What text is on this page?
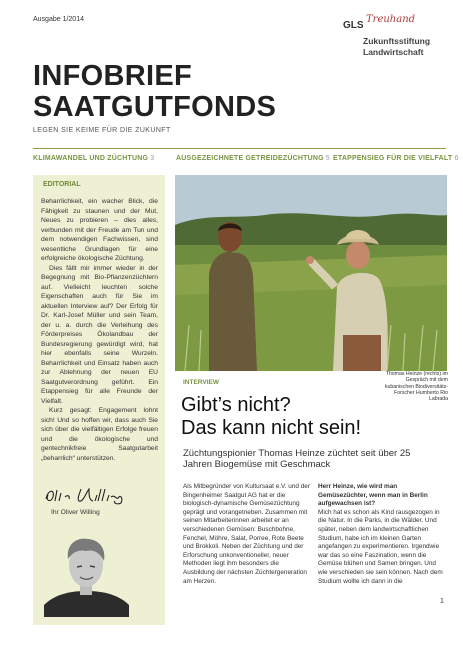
Ausgabe 1/2014
GLS
Treuhand
Zukunftsstiftung
Landwirtschaft
INFOBRIEF
SAATGUTFONDS
LEGEN SIE KEIME FÜR DIE ZUKUNFT
KLIMAWANDEL UND ZÜCHTUNG 3	AUSGEZEICHNETE GETREIDEZÜCHTUNG 5 ETAPPENSIEG FÜR DIE VIELFALT 6
EDITORIAL

Beharrlichkeit, ein wacher Blick, die Fähigkeit zu staunen und der Mut, Neues zu probieren – dies alles, verbunden mit der Freude am Tun und dem notwendigen Fachwissen, sind wesentliche Grundlagen für eine erfolgreiche ökologische Züchtung.

Dies fällt mir immer wieder in der Begegnung mit Bio-Pflanzenzüchtern auf. Vielleicht leuchten solche Eigenschaften auch für Sie im aktuellen Interview auf? Der Erfolg für Dr. Karl-Josef Müller und sein Team, der u. a. durch die Verleihung des Förderpreises Ökolandbau der Bundesregierung gewürdigt wird, hat hier ebenfalls seine Wurzeln. Beharrlichkeit und Einsatz haben auch zur Ablehnung der neuen EU Saatgutverordnung geführt. Ein Etappensieg für alle Freunde der Vielfalt.

Kurz gesagt: Engagement lohnt sich! Und so hoffen wir, dass auch Sie sich über die vielfältigen Erfolge freuen und die ökologische und gentechnikfreie Saatgutarbeit „beharrlich“ unterstützen.

Ihr Oliver Willing
Thomas Heinze (rechts) im Gespräch mit dem kubanischen Biodiversitäts-Forscher Humberto Rio Labrada
INTERVIEW
Gibt’s nicht?
Das kann nicht sein!
Züchtungspionier Thomas Heinze züchtet seit über 25 Jahren Biogemüse mit Geschmack
Als Mitbegründer von Kultursaat e.V. und der Bingenheimer Saatgut AG hat er die biologisch-dynamische Gemüsezüchtung geprägt und vorangetrieben. Zusammen mit seinen Mitarbeiterinnen arbeitet er an verschiedenen Gemüsen: Buschbohne, Fenchel, Möhre, Salat, Porree, Rote Beete und Brokkoli. Neben der Züchtung und der Erforschung unkonventioneller, neuer Methoden liegt ihm besonders die Ausbildung der nächsten Züchtergeneration am Herzen.
Herr Heinze, wie wird man Gemüsezüchter, wenn man in Berlin aufgewachsen ist?
Mich hat es schon als Kind rausgezogen in die Natur. In die Parks, in die Wälder. Und später, neben dem landwirtschaftlichen Studium, habe ich im kleinen Garten angefangen zu experimentieren. Irgendwie war das so eine Faszination, wenn die Gemüse blühen und Samen bringen. Und wie verschieden sie sein können. Nach dem Studium wollte ich dann in die
1
